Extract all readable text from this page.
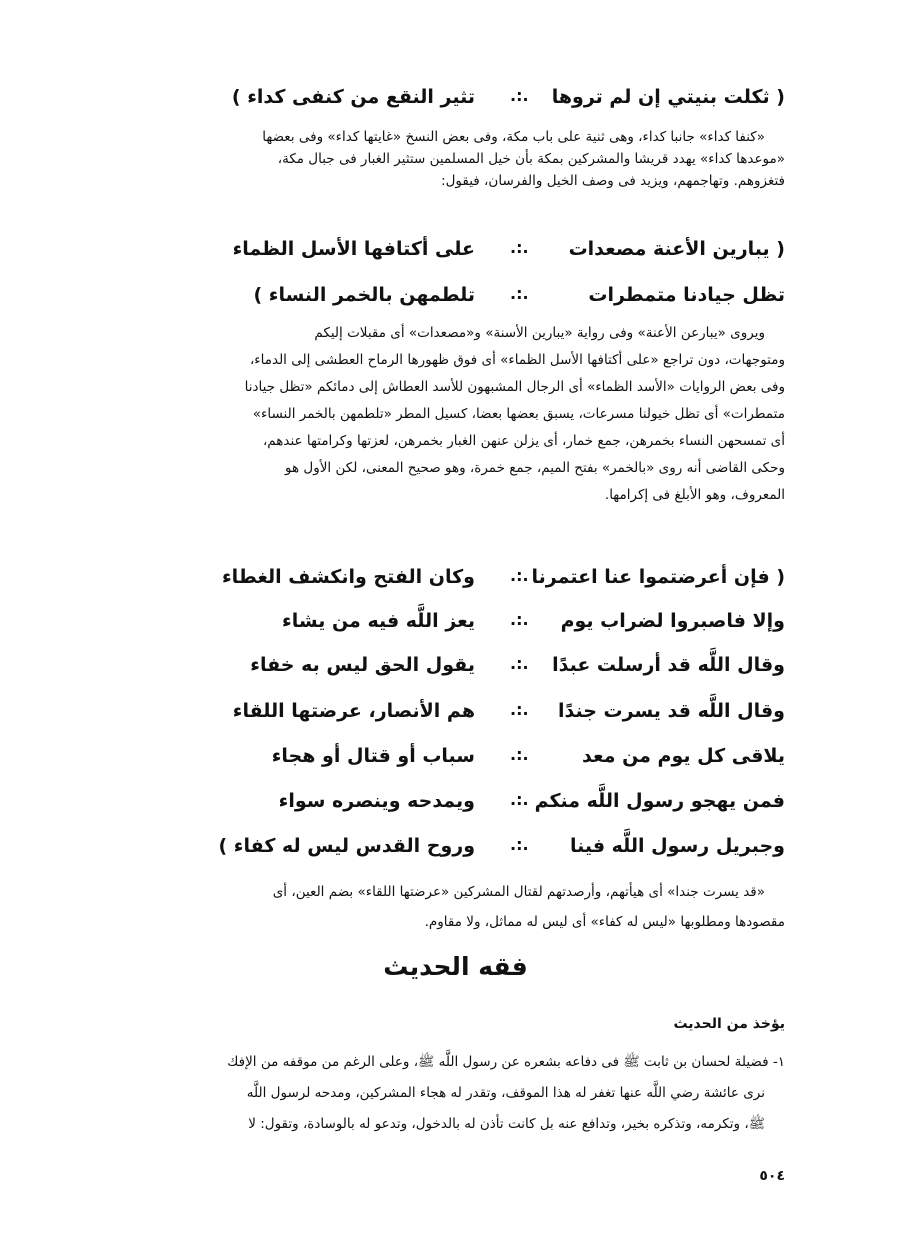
( ثكلت بنيتي إن لم تروها
.:.
تثير النقع من كنفى كداء )

«كنفا كداء» جانبا كداء، وهى ثنية على باب مكة، وفى بعض النسخ «غايتها كداء» وفى بعضها

«موعدها كداء» يهدد قريشا والمشركين بمكة بأن خيل المسلمين ستثير الغبار فى جبال مكة،

فتغزوهم. وتهاجمهم، ويزيد فى وصف الخيل والفرسان، فيقول:

( يبارين الأعنة مصعدات
.:.
على أكتافها الأسل الظماء
تظل جيادنا متمطرات
.:.
تلطمهن بالخمر النساء )

ويروى «يبارعن الأعنة» وفى رواية «يبارين الأسنة» و«مصعدات» أى مقبلات إليكم

ومتوجهات، دون تراجع «على أكتافها الأسل الظماء» أى فوق ظهورها الرماح العطشى إلى الدماء،

وفى بعض الروايات «الأسد الظماء» أى الرجال المشبهون للأسد العطاش إلى دمائكم «تظل جيادنا

متمطرات» أى تظل خيولنا مسرعات، يسبق بعضها بعضا، كسيل المطر «تلطمهن بالخمر النساء»

أى تمسحهن النساء بخمرهن، جمع خمار، أى يزلن عنهن الغبار بخمرهن، لعزتها وكرامتها عندهم،

وحكى القاضى أنه روى «بالخمر» بفتح الميم، جمع خمرة، وهو صحيح المعنى، لكن الأول هو

المعروف، وهو الأبلغ فى إكرامها.

( فإن أعرضتموا عنا اعتمرنا
.:.
وكان الفتح وانكشف الغطاء
وإلا فاصبروا لضراب يوم
.:.
يعز اللَّه فيه من يشاء
وقال اللَّه قد أرسلت عبدًا
.:.
يقول الحق ليس به خفاء
وقال اللَّه قد يسرت جندًا
.:.
هم الأنصار، عرضتها اللقاء
يلاقى كل يوم من معد
.:.
سباب أو قتال أو هجاء
فمن يهجو رسول اللَّه منكم
.:.
ويمدحه وينصره سواء
وجبريل رسول اللَّه فينا
.:.
وروح القدس ليس له كفاء )

«قد يسرت جندا» أى هيأتهم، وأرصدتهم لقتال المشركين «عرضتها اللقاء» بضم العين، أى

مقصودها ومطلوبها «ليس له كفاء» أى ليس له مماثل، ولا مقاوم.

فقه الحديث
يؤخذ من الحديث

١- فضيلة لحسان بن ثابت ﷺ فى دفاعه بشعره عن رسول اللَّه ﷺ، وعلى الرغم من موقفه من الإفك

نرى عائشة رضي اللَّه عنها تغفر له هذا الموقف، وتقدر له هجاء المشركين، ومدحه لرسول اللَّه

ﷺ، وتكرمه، وتذكره بخير، وتدافع عنه بل كانت تأذن له بالدخول، وتدعو له بالوسادة، وتقول: لا

٥٠٤
